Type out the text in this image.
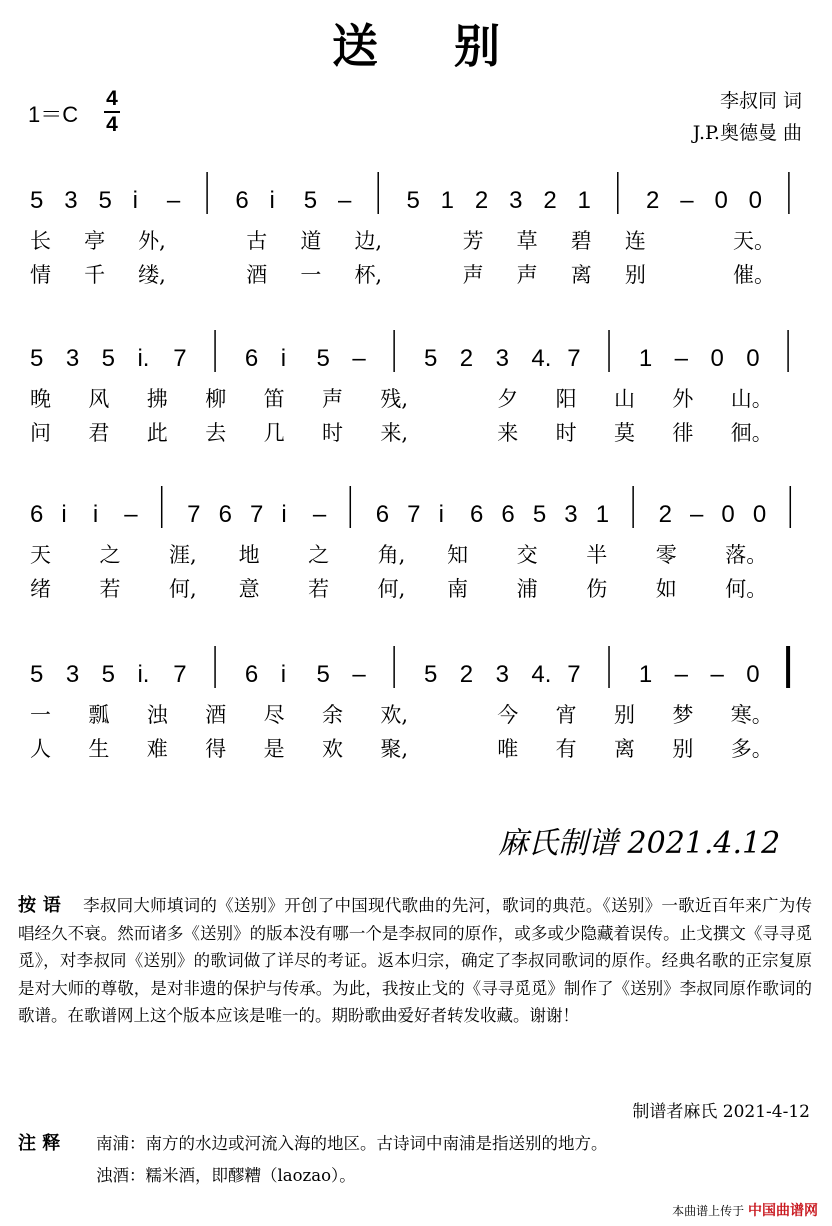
送 别
1＝C
4
4
李叔同 词
J.P.奥德曼 曲
5 3 5 i – 6 i 5 – 5 1 2 3 2 1 2 – 0 0
长 亭 外,	古 道 边,	芳 草 碧 连	天。
情 千 缕,	酒 一 杯,	声 声 离 别	催。
5 3 5 i. 7 6 i 5 – 5 2 3 4. 7 1 – 0 0
晚 风 拂 柳 笛 声 残,	夕 阳 山 外 山。
问 君 此 去 几 时 来,	来 时 莫 徘 徊。
6 i i – 7 6 7 i – 6 7 i 6 6 5 3 1 2 – 0 0
天 之 涯, 地 之 角, 知 交 半 零 落。
绪 若 何, 意 若 何, 南 浦 伤 如 何。
5 3 5 i. 7 6 i 5 – 5 2 3 4. 7 1 – – 0
一 瓢 浊 酒 尽 余 欢,	今 宵 别 梦 寒。
人 生 难 得 是 欢 聚,	唯 有 离 别 多。
麻氏制谱 2021.4.12
按 语 李叔同大师填词的《送别》开创了中国现代歌曲的先河，歌词的典范。《送别》一歌近百年来广为传唱经久不衰。然而诸多《送别》的版本没有哪一个是李叔同的原作，或多或少隐藏着误传。止戈撰文《寻寻觅觅》，对李叔同《送别》的歌词做了详尽的考证。返本归宗，确定了李叔同歌词的原作。经典名歌的正宗复原是对大师的尊敬，是对非遗的保护与传承。为此，我按止戈的《寻寻觅觅》制作了《送别》李叔同原作歌词的歌谱。在歌谱网上这个版本应该是唯一的。期盼歌曲爱好者转发收藏。谢谢！
制谱者麻氏 2021-4-12
注 释 南浦：南方的水边或河流入海的地区。古诗词中南浦是指送别的地方。
浊酒：糯米酒，即醪糟（laozao）。
本曲谱上传于 中国曲谱网
